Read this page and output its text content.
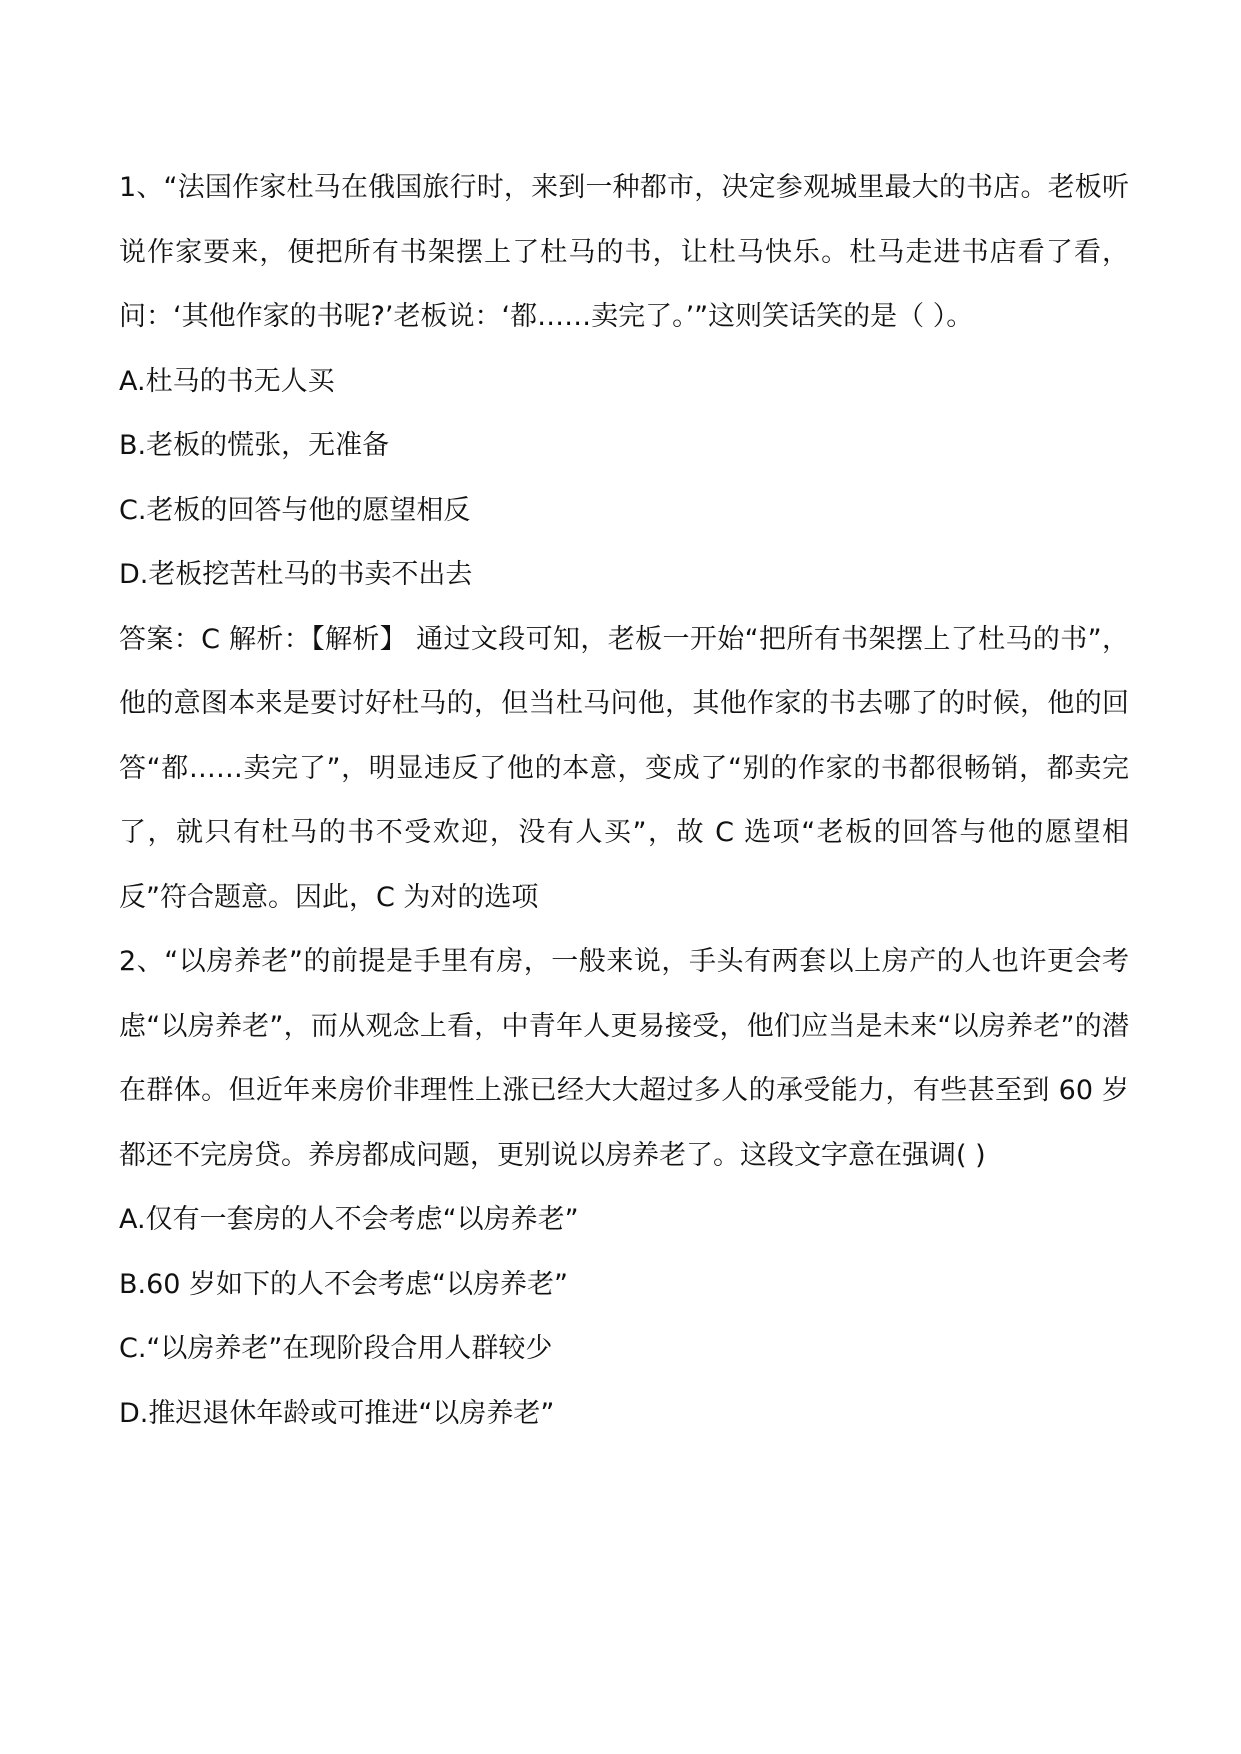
1、“法国作家杜马在俄国旅行时，来到一种都市，决定参观城里最大的书店。老板听说作家要来，便把所有书架摆上了杜马的书，让杜马快乐。杜马走进书店看了看，问：‘其他作家的书呢?’老板说：‘都……卖完了。’”这则笑话笑的是（ ）。

A.杜马的书无人买

B.老板的慌张，无准备

C.老板的回答与他的愿望相反

D.老板挖苦杜马的书卖不出去

答案：C 解析：【解析】 通过文段可知，老板一开始“把所有书架摆上了杜马的书”，他的意图本来是要讨好杜马的，但当杜马问他，其他作家的书去哪了的时候，他的回答“都……卖完了”，明显违反了他的本意，变成了“别的作家的书都很畅销，都卖完了，就只有杜马的书不受欢迎，没有人买”，故 C 选项“老板的回答与他的愿望相反”符合题意。因此，C 为对的选项

2、“以房养老”的前提是手里有房，一般来说，手头有两套以上房产的人也许更会考虑“以房养老”，而从观念上看，中青年人更易接受，他们应当是未来“以房养老”的潜在群体。但近年来房价非理性上涨已经大大超过多人的承受能力，有些甚至到 60 岁都还不完房贷。养房都成问题，更别说以房养老了。这段文字意在强调( )

A.仅有一套房的人不会考虑“以房养老”

B.60 岁如下的人不会考虑“以房养老”

C.“以房养老”在现阶段合用人群较少

D.推迟退休年龄或可推进“以房养老”
